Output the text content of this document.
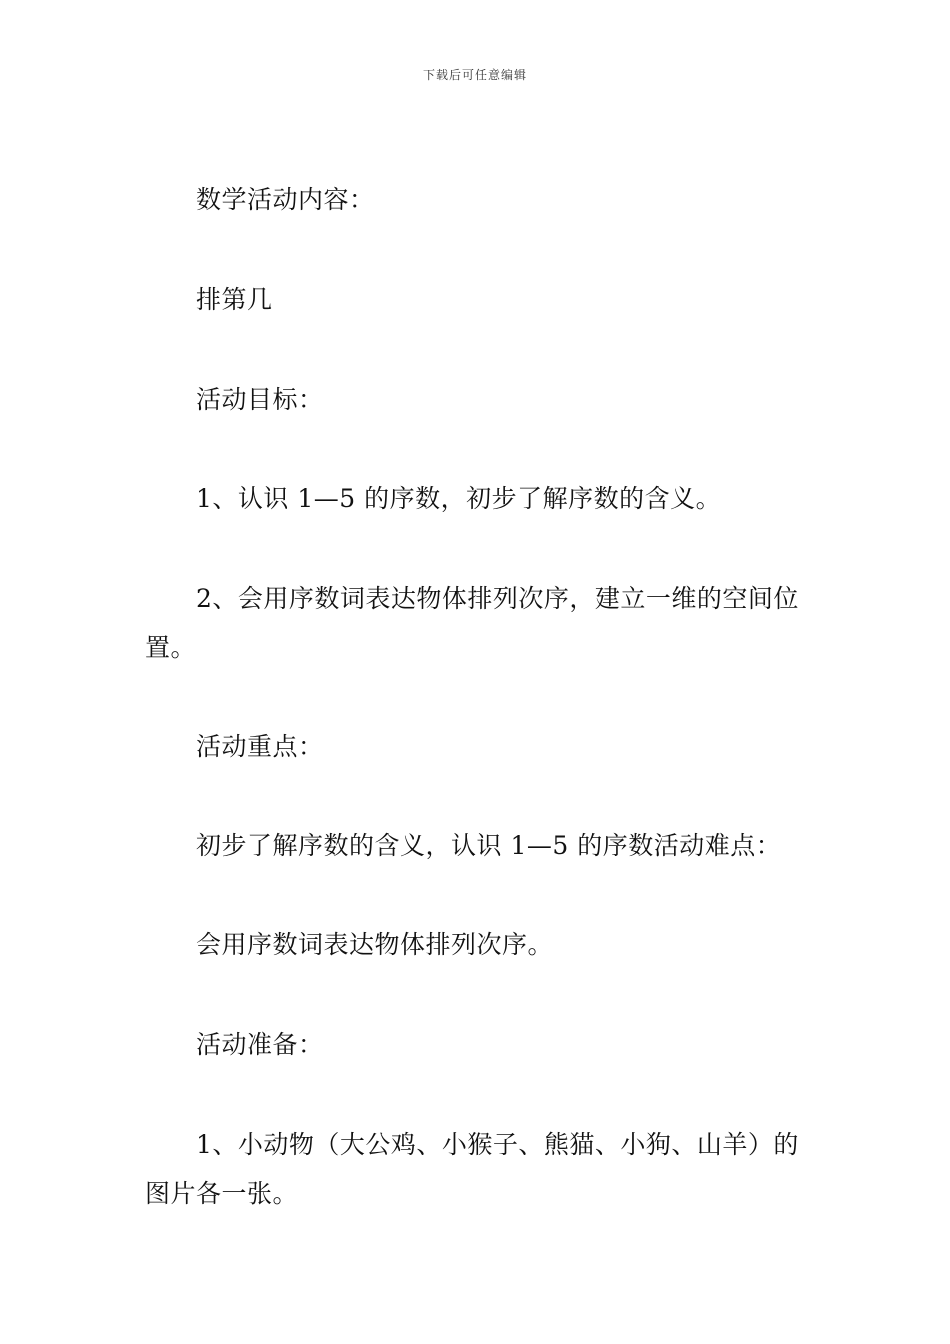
下载后可任意编辑
数学活动内容：
排第几
活动目标：
1、认识 1—5 的序数，初步了解序数的含义。
2、会用序数词表达物体排列次序，建立一维的空间位
置。
活动重点：
初步了解序数的含义，认识 1—5 的序数活动难点：
会用序数词表达物体排列次序。
活动准备：
1、小动物（大公鸡、小猴子、熊猫、小狗、山羊）的
图片各一张。
